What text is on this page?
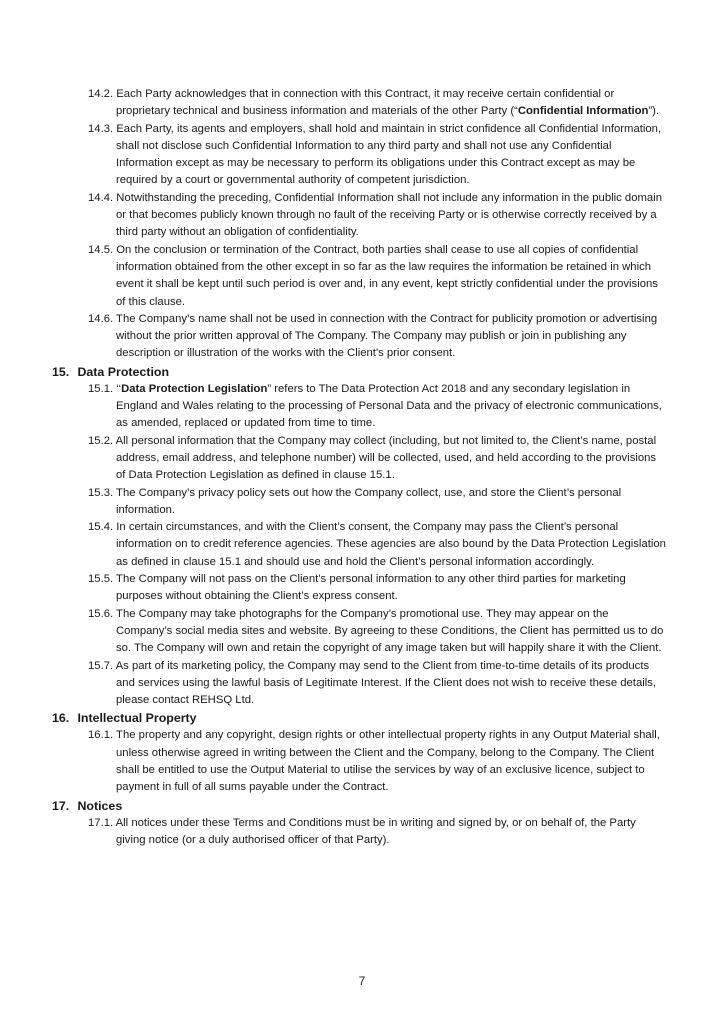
14.2. Each Party acknowledges that in connection with this Contract, it may receive certain confidential or proprietary technical and business information and materials of the other Party (“Confidential Information”).

14.3. Each Party, its agents and employers, shall hold and maintain in strict confidence all Confidential Information, shall not disclose such Confidential Information to any third party and shall not use any Confidential Information except as may be necessary to perform its obligations under this Contract except as may be required by a court or governmental authority of competent jurisdiction.

14.4. Notwithstanding the preceding, Confidential Information shall not include any information in the public domain or that becomes publicly known through no fault of the receiving Party or is otherwise correctly received by a third party without an obligation of confidentiality.

14.5. On the conclusion or termination of the Contract, both parties shall cease to use all copies of confidential information obtained from the other except in so far as the law requires the information be retained in which event it shall be kept until such period is over and, in any event, kept strictly confidential under the provisions of this clause.

14.6. The Company’s name shall not be used in connection with the Contract for publicity promotion or advertising without the prior written approval of The Company. The Company may publish or join in publishing any description or illustration of the works with the Client's prior consent.

15. Data Protection

15.1. ‘‘Data Protection Legislation” refers to The Data Protection Act 2018 and any secondary legislation in England and Wales relating to the processing of Personal Data and the privacy of electronic communications, as amended, replaced or updated from time to time.

15.2. All personal information that the Company may collect (including, but not limited to, the Client’s name, postal address, email address, and telephone number) will be collected, used, and held according to the provisions of Data Protection Legislation as defined in clause 15.1.

15.3. The Company’s privacy policy sets out how the Company collect, use, and store the Client’s personal information.

15.4. In certain circumstances, and with the Client’s consent, the Company may pass the Client’s personal information on to credit reference agencies. These agencies are also bound by the Data Protection Legislation as defined in clause 15.1 and should use and hold the Client’s personal information accordingly.

15.5. The Company will not pass on the Client’s personal information to any other third parties for marketing purposes without obtaining the Client’s express consent.

15.6. The Company may take photographs for the Company’s promotional use. They may appear on the Company’s social media sites and website. By agreeing to these Conditions, the Client has permitted us to do so. The Company will own and retain the copyright of any image taken but will happily share it with the Client.

15.7. As part of its marketing policy, the Company may send to the Client from time-to-time details of its products and services using the lawful basis of Legitimate Interest. If the Client does not wish to receive these details, please contact REHSQ Ltd.

16. Intellectual Property

16.1. The property and any copyright, design rights or other intellectual property rights in any Output Material shall, unless otherwise agreed in writing between the Client and the Company, belong to the Company. The Client shall be entitled to use the Output Material to utilise the services by way of an exclusive licence, subject to payment in full of all sums payable under the Contract.

17. Notices

17.1. All notices under these Terms and Conditions must be in writing and signed by, or on behalf of, the Party giving notice (or a duly authorised officer of that Party).

7
